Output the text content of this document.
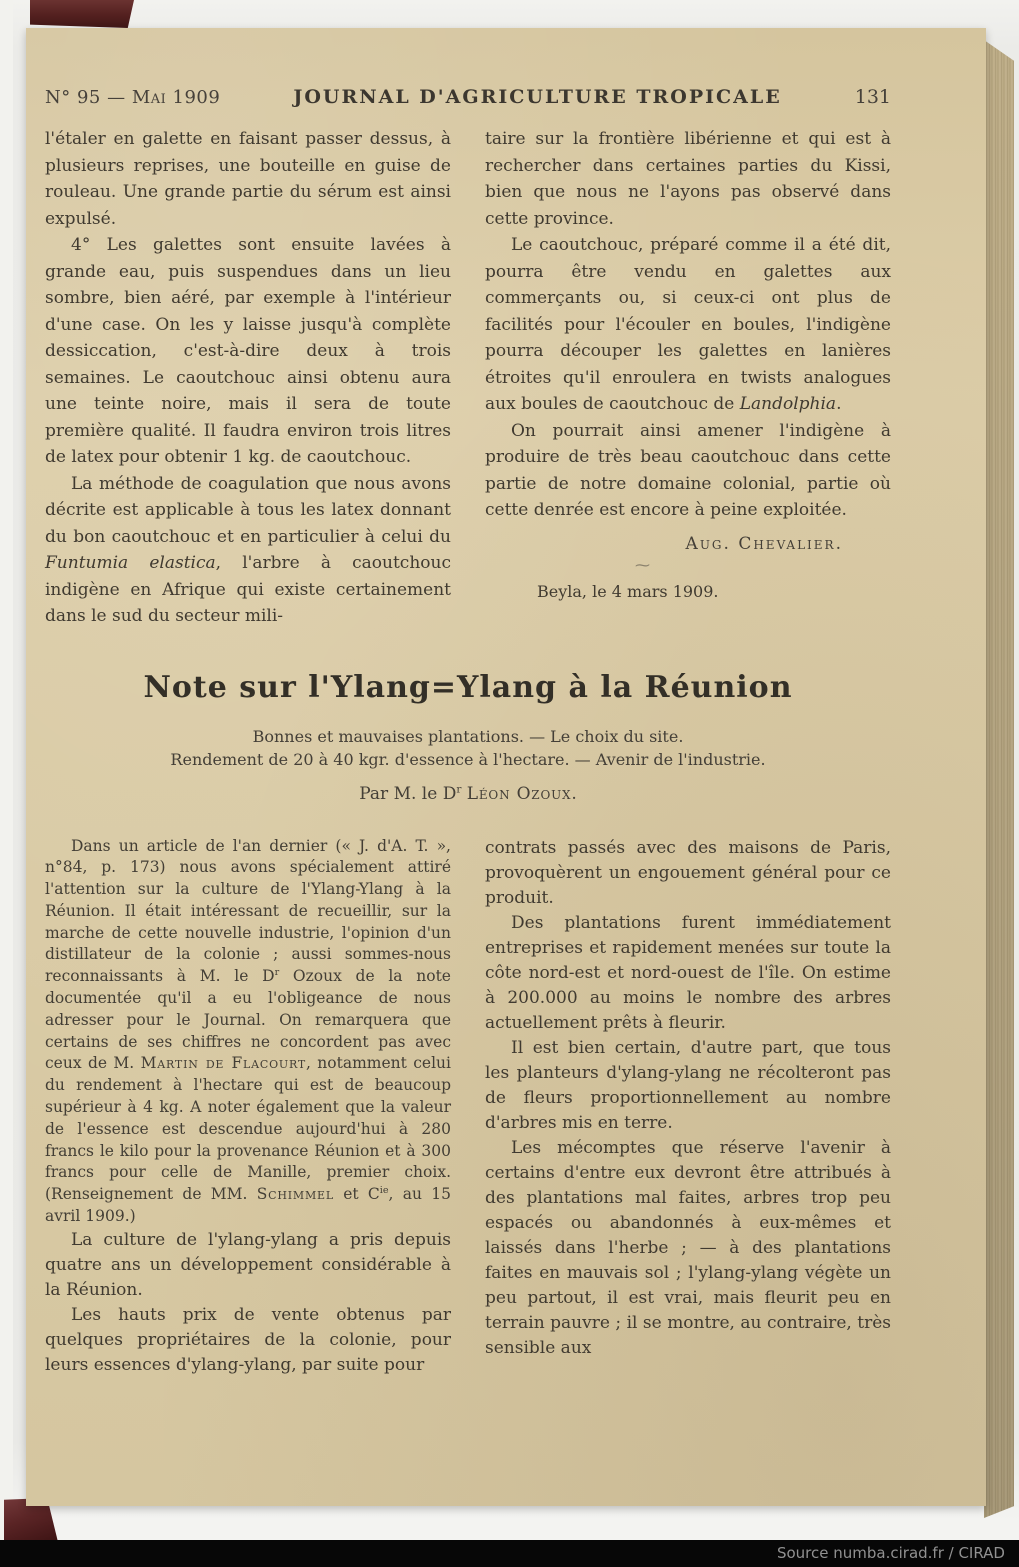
N° 95 — Mai 1909	JOURNAL D'AGRICULTURE TROPICALE	131

l'étaler en galette en faisant passer dessus, à plusieurs reprises, une bouteille en guise de rouleau. Une grande partie du sérum est ainsi expulsé.

4° Les galettes sont ensuite lavées à grande eau, puis suspendues dans un lieu sombre, bien aéré, par exemple à l'intérieur d'une case. On les y laisse jusqu'à complète dessiccation, c'est-à-dire deux à trois semaines. Le caoutchouc ainsi obtenu aura une teinte noire, mais il sera de toute première qualité. Il faudra environ trois litres de latex pour obtenir 1 kg. de caoutchouc.

La méthode de coagulation que nous avons décrite est applicable à tous les latex donnant du bon caoutchouc et en particulier à celui du Funtumia elastica, l'arbre à caoutchouc indigène en Afrique qui existe certainement dans le sud du secteur mili-

taire sur la frontière libérienne et qui est à rechercher dans certaines parties du Kissi, bien que nous ne l'ayons pas observé dans cette province.

Le caoutchouc, préparé comme il a été dit, pourra être vendu en galettes aux commerçants ou, si ceux-ci ont plus de facilités pour l'écouler en boules, l'indigène pourra découper les galettes en lanières étroites qu'il enroulera en twists analogues aux boules de caoutchouc de Landolphia.

On pourrait ainsi amener l'indigène à produire de très beau caoutchouc dans cette partie de notre domaine colonial, partie où cette denrée est encore à peine exploitée.

Aug. Chevalier.
⁓
Beyla, le 4 mars 1909.
Note sur l'Ylang=Ylang à la Réunion
Bonnes et mauvaises plantations. — Le choix du site.
Rendement de 20 à 40 kgr. d'essence à l'hectare. — Avenir de l'industrie.
Par M. le $D^r$ Léon Ozoux.

Dans un article de l'an dernier (« J. d'A. T. », n°84, p. 173) nous avons spécialement attiré l'attention sur la culture de l'Ylang-Ylang à la Réunion. Il était intéressant de recueillir, sur la marche de cette nouvelle industrie, l'opinion d'un distillateur de la colonie ; aussi sommes-nous reconnaissants à M. le $D^r$ Ozoux de la note documentée qu'il a eu l'obligeance de nous adresser pour le Journal. On remarquera que certains de ses chiffres ne concordent pas avec ceux de M. Martin de Flacourt, notamment celui du rendement à l'hectare qui est de beaucoup supérieur à 4 kg. A noter également que la valeur de l'essence est descendue aujourd'hui à 280 francs le kilo pour la provenance Réunion et à 300 francs pour celle de Manille, premier choix. (Renseignement de MM. Schimmel et $C^{ie}$, au 15 avril 1909.)

La culture de l'ylang-ylang a pris depuis quatre ans un développement considérable à la Réunion.

Les hauts prix de vente obtenus par quelques propriétaires de la colonie, pour leurs essences d'ylang-ylang, par suite pour

contrats passés avec des maisons de Paris, provoquèrent un engouement général pour ce produit.

Des plantations furent immédiatement entreprises et rapidement menées sur toute la côte nord-est et nord-ouest de l'île. On estime à 200.000 au moins le nombre des arbres actuellement prêts à fleurir.

Il est bien certain, d'autre part, que tous les planteurs d'ylang-ylang ne récolteront pas de fleurs proportionnellement au nombre d'arbres mis en terre.

Les mécomptes que réserve l'avenir à certains d'entre eux devront être attribués à des plantations mal faites, arbres trop peu espacés ou abandonnés à eux-mêmes et laissés dans l'herbe ; — à des plantations faites en mauvais sol ; l'ylang-ylang végète un peu partout, il est vrai, mais fleurit peu en terrain pauvre ; il se montre, au contraire, très sensible aux

Source numba.cirad.fr / CIRAD
